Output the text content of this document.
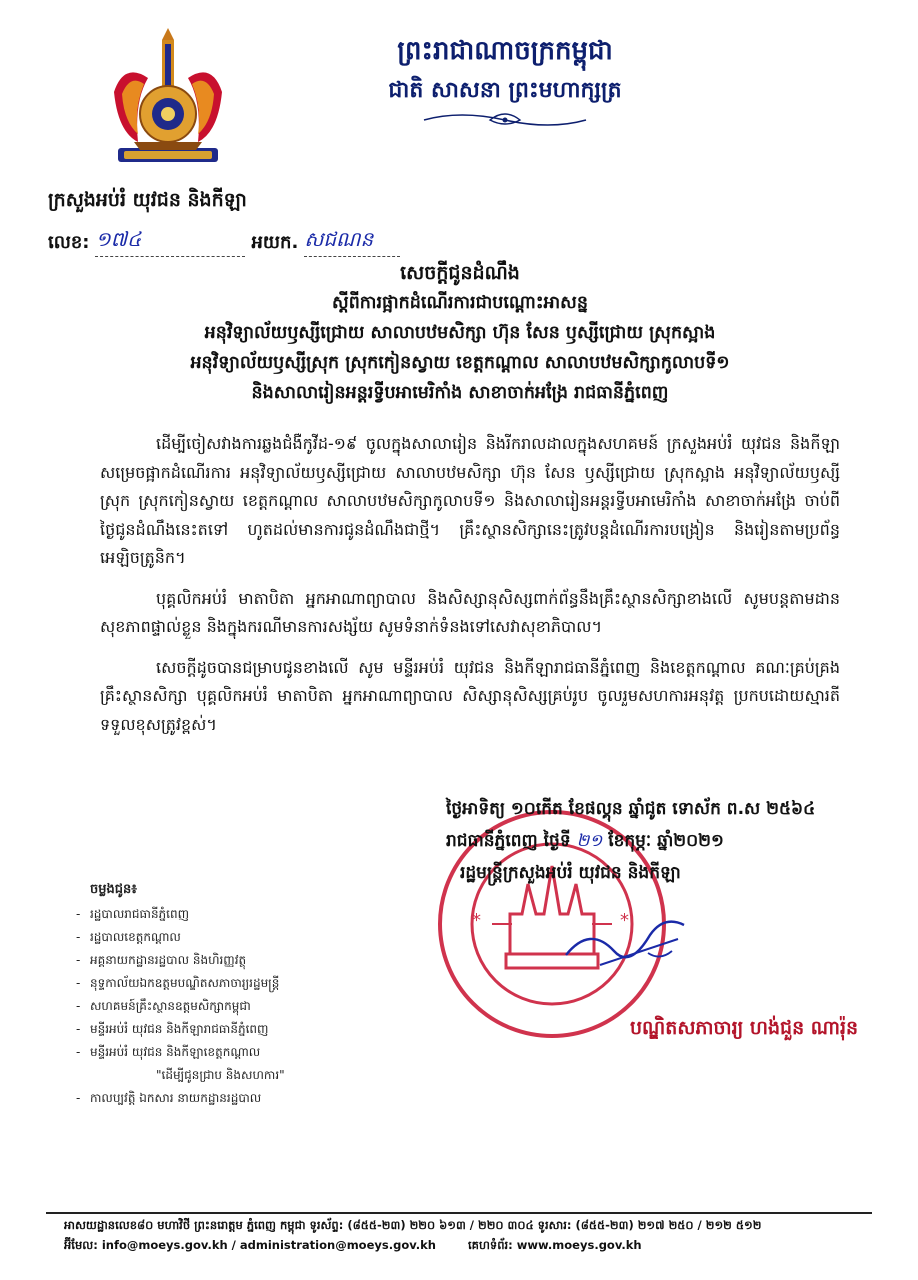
ព្រះរាជាណាចក្រកម្ពុជា
ជាតិ សាសនា ព្រះមហាក្សត្រ
ក្រសួងអប់រំ យុវជន និងកីឡា
លេខ: ១៧៤	អយក. សជណន
សេចក្តីជូនដំណឹង
ស្តីពីការផ្អាកដំណើរការជាបណ្តោះអាសន្ន
អនុវិទ្យាល័យឫស្សីជ្រោយ សាលាបឋមសិក្សា ហ៊ុន សែន ឫស្សីជ្រោយ ស្រុកស្អាង
អនុវិទ្យាល័យឫស្សីស្រុក ស្រុកកៀនស្វាយ ខេត្តកណ្តាល សាលាបឋមសិក្សាកូលាបទី១
និងសាលារៀនអន្តរទ្វីបអាមេរិកាំង សាខាចាក់អង្រែ រាជធានីភ្នំពេញ

ដើម្បីចៀសវាងការឆ្លងជំងឺកូវីដ-១៩ ចូលក្នុងសាលារៀន និងរីករាលដាលក្នុងសហគមន៍ ក្រសួងអប់រំ យុវជន និងកីឡា សម្រេចផ្អាកដំណើរការ អនុវិទ្យាល័យឫស្សីជ្រោយ សាលាបឋមសិក្សា ហ៊ុន សែន ឫស្សីជ្រោយ ស្រុកស្អាង អនុវិទ្យាល័យឫស្សីស្រុក ស្រុកកៀនស្វាយ ខេត្តកណ្តាល សាលាបឋមសិក្សាកូលាបទី១ និងសាលារៀនអន្តរទ្វីបអាមេរិកាំង សាខាចាក់អង្រែ ចាប់ពីថ្ងៃជូនដំណឹងនេះតទៅ ហូតដល់មានការជូនដំណឹងជាថ្មី។ គ្រឹះស្ថានសិក្សានេះត្រូវបន្តដំណើរការបង្រៀន និងរៀនតាមប្រព័ន្ធអេឡិចត្រូនិក។

បុគ្គលិកអប់រំ មាតាបិតា អ្នកអាណាព្យាបាល និងសិស្សានុសិស្សពាក់ព័ន្ធនឹងគ្រឹះស្ថានសិក្សាខាងលើ សូមបន្តតាមដានសុខភាពផ្ទាល់ខ្លួន និងក្នុងករណីមានការសង្ស័យ សូមទំនាក់ទំនងទៅសេវាសុខាភិបាល។

សេចក្តីដូចបានជម្រាបជូនខាងលើ សូម មន្ទីរអប់រំ យុវជន និងកីឡារាជធានីភ្នំពេញ និងខេត្តកណ្តាល គណៈគ្រប់គ្រងគ្រឹះស្ថានសិក្សា បុគ្គលិកអប់រំ មាតាបិតា អ្នកអាណាព្យាបាល សិស្សានុសិស្សគ្រប់រូប ចូលរួមសហការអនុវត្ត ប្រកបដោយស្មារតីទទួលខុសត្រូវខ្ពស់។

*	*
ថ្ងៃអាទិត្យ ១០កើត ខែផល្គុន ឆ្នាំជូត ទោស័ក ព.ស ២៥៦៤
រាជធានីភ្នំពេញ ថ្ងៃទី ២១ ខែកុម្ភៈ ឆ្នាំ២០២១
រដ្ឋមន្ត្រីក្រសួងអប់រំ យុវជន និងកីឡា
បណ្ឌិតសភាចារ្យ ហង់ជួន ណារ៉ុន
ចម្លងជូន៖
- រដ្ឋបាលរាជធានីភ្នំពេញ
- រដ្ឋបាលខេត្តកណ្តាល
- អគ្គនាយកដ្ឋានរដ្ឋបាល និងហិរញ្ញវត្ថុ
- នុទ្ទកាល័យឯកឧត្តមបណ្ឌិតសភាចារ្យរដ្ឋមន្ត្រី
- សហគមន៍គ្រឹះស្ថានឧត្តមសិក្សាកម្ពុជា
- មន្ទីរអប់រំ យុវជន និងកីឡារាជធានីភ្នំពេញ
- មន្ទីរអប់រំ យុវជន និងកីឡាខេត្តកណ្តាល
"ដើម្បីជូនជ្រាប និងសហការ"
- កាលប្បវត្តិ ឯកសារ នាយកដ្ឋានរដ្ឋបាល
អាសយដ្ឋានលេខ៨០ មហាវិថី ព្រះនរោត្តម ភ្នំពេញ កម្ពុជា ទូរស័ព្ទ: (៨៥៥-២៣) ២២០ ៦១៣ / ២២០ ៣០៤ ទូរសារ: (៨៥៥-២៣) ២១៧ ២៥០ / ២១២ ៥១២
អ៊ីមែល: info@moeys.gov.kh / administration@moeys.gov.kh	គេហទំព័រ: www.moeys.gov.kh
